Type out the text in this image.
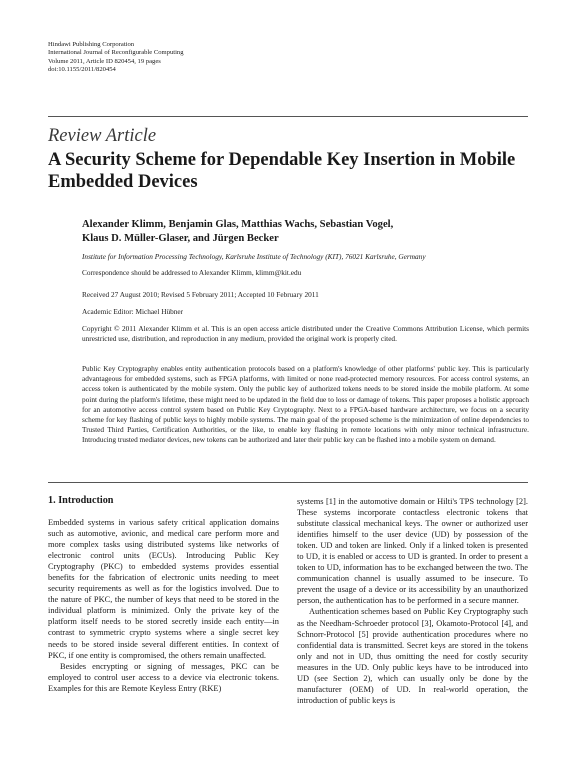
Hindawi Publishing Corporation
International Journal of Reconfigurable Computing
Volume 2011, Article ID 820454, 19 pages
doi:10.1155/2011/820454
Review Article
A Security Scheme for Dependable Key Insertion in Mobile Embedded Devices
Alexander Klimm, Benjamin Glas, Matthias Wachs, Sebastian Vogel,
Klaus D. Müller-Glaser, and Jürgen Becker
Institute for Information Processing Technology, Karlsruhe Institute of Technology (KIT), 76021 Karlsruhe, Germany
Correspondence should be addressed to Alexander Klimm, klimm@kit.edu
Received 27 August 2010; Revised 5 February 2011; Accepted 10 February 2011
Academic Editor: Michael Hübner
Copyright © 2011 Alexander Klimm et al. This is an open access article distributed under the Creative Commons Attribution License, which permits unrestricted use, distribution, and reproduction in any medium, provided the original work is properly cited.
Public Key Cryptography enables entity authentication protocols based on a platform's knowledge of other platforms' public key. This is particularly advantageous for embedded systems, such as FPGA platforms, with limited or none read-protected memory resources. For access control systems, an access token is authenticated by the mobile system. Only the public key of authorized tokens needs to be stored inside the mobile platform. At some point during the platform's lifetime, these might need to be updated in the field due to loss or damage of tokens. This paper proposes a holistic approach for an automotive access control system based on Public Key Cryptography. Next to a FPGA-based hardware architecture, we focus on a security scheme for key flashing of public keys to highly mobile systems. The main goal of the proposed scheme is the minimization of online dependencies to Trusted Third Parties, Certification Authorities, or the like, to enable key flashing in remote locations with only minor technical infrastructure. Introducing trusted mediator devices, new tokens can be authorized and later their public key can be flashed into a mobile system on demand.
1. Introduction

Embedded systems in various safety critical application domains such as automotive, avionic, and medical care perform more and more complex tasks using distributed systems like networks of electronic control units (ECUs). Introducing Public Key Cryptography (PKC) to embedded systems provides essential benefits for the fabrication of electronic units needing to meet security requirements as well as for the logistics involved. Due to the nature of PKC, the number of keys that need to be stored in the individual platform is minimized. Only the private key of the platform itself needs to be stored secretly inside each entity—in contrast to symmetric crypto systems where a single secret key needs to be stored inside several different entities. In context of PKC, if one entity is compromised, the others remain unaffected.

Besides encrypting or signing of messages, PKC can be employed to control user access to a device via electronic tokens. Examples for this are Remote Keyless Entry (RKE)

systems [1] in the automotive domain or Hilti's TPS technology [2]. These systems incorporate contactless electronic tokens that substitute classical mechanical keys. The owner or authorized user identifies himself to the user device (UD) by possession of the token. UD and token are linked. Only if a linked token is presented to UD, it is enabled or access to UD is granted. In order to present a token to UD, information has to be exchanged between the two. The communication channel is usually assumed to be insecure. To prevent the usage of a device or its accessibility by an unauthorized person, the authentication has to be performed in a secure manner.

Authentication schemes based on Public Key Cryptography such as the Needham-Schroeder protocol [3], Okamoto-Protocol [4], and Schnorr-Protocol [5] provide authentication procedures where no confidential data is transmitted. Secret keys are stored in the tokens only and not in UD, thus omitting the need for costly security measures in the UD. Only public keys have to be introduced into UD (see Section 2), which can usually only be done by the manufacturer (OEM) of UD. In real-world operation, the introduction of public keys is
